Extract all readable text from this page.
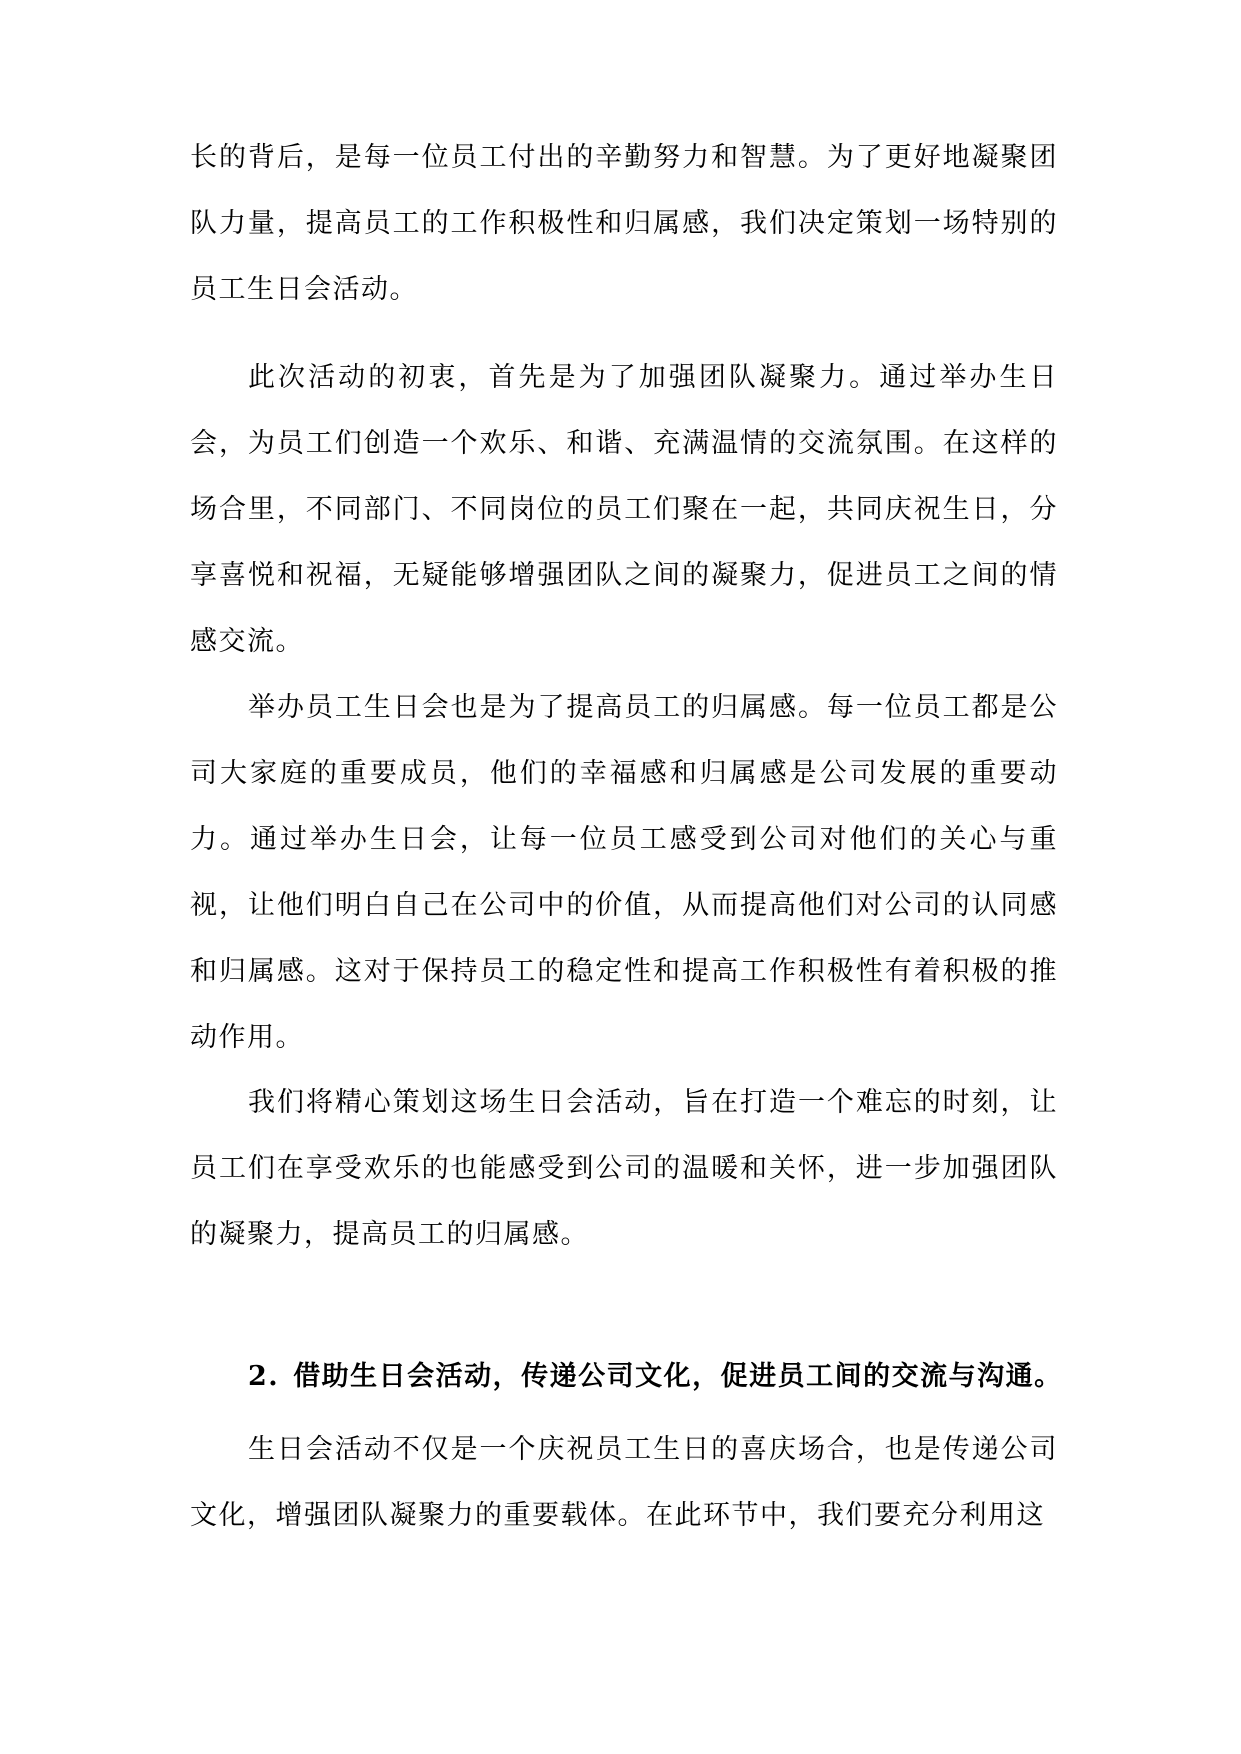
长的背后，是每一位员工付出的辛勤努力和智慧。为了更好地凝聚团队力量，提高员工的工作积极性和归属感，我们决定策划一场特别的员工生日会活动。

此次活动的初衷，首先是为了加强团队凝聚力。通过举办生日会，为员工们创造一个欢乐、和谐、充满温情的交流氛围。在这样的场合里，不同部门、不同岗位的员工们聚在一起，共同庆祝生日，分享喜悦和祝福，无疑能够增强团队之间的凝聚力，促进员工之间的情感交流。

举办员工生日会也是为了提高员工的归属感。每一位员工都是公司大家庭的重要成员，他们的幸福感和归属感是公司发展的重要动力。通过举办生日会，让每一位员工感受到公司对他们的关心与重视，让他们明白自己在公司中的价值，从而提高他们对公司的认同感和归属感。这对于保持员工的稳定性和提高工作积极性有着积极的推动作用。

我们将精心策划这场生日会活动，旨在打造一个难忘的时刻，让员工们在享受欢乐的也能感受到公司的温暖和关怀，进一步加强团队的凝聚力，提高员工的归属感。

2. 借助生日会活动，传递公司文化，促进员工间的交流与沟通。

生日会活动不仅是一个庆祝员工生日的喜庆场合，也是传递公司文化，增强团队凝聚力的重要载体。在此环节中，我们要充分利用这
